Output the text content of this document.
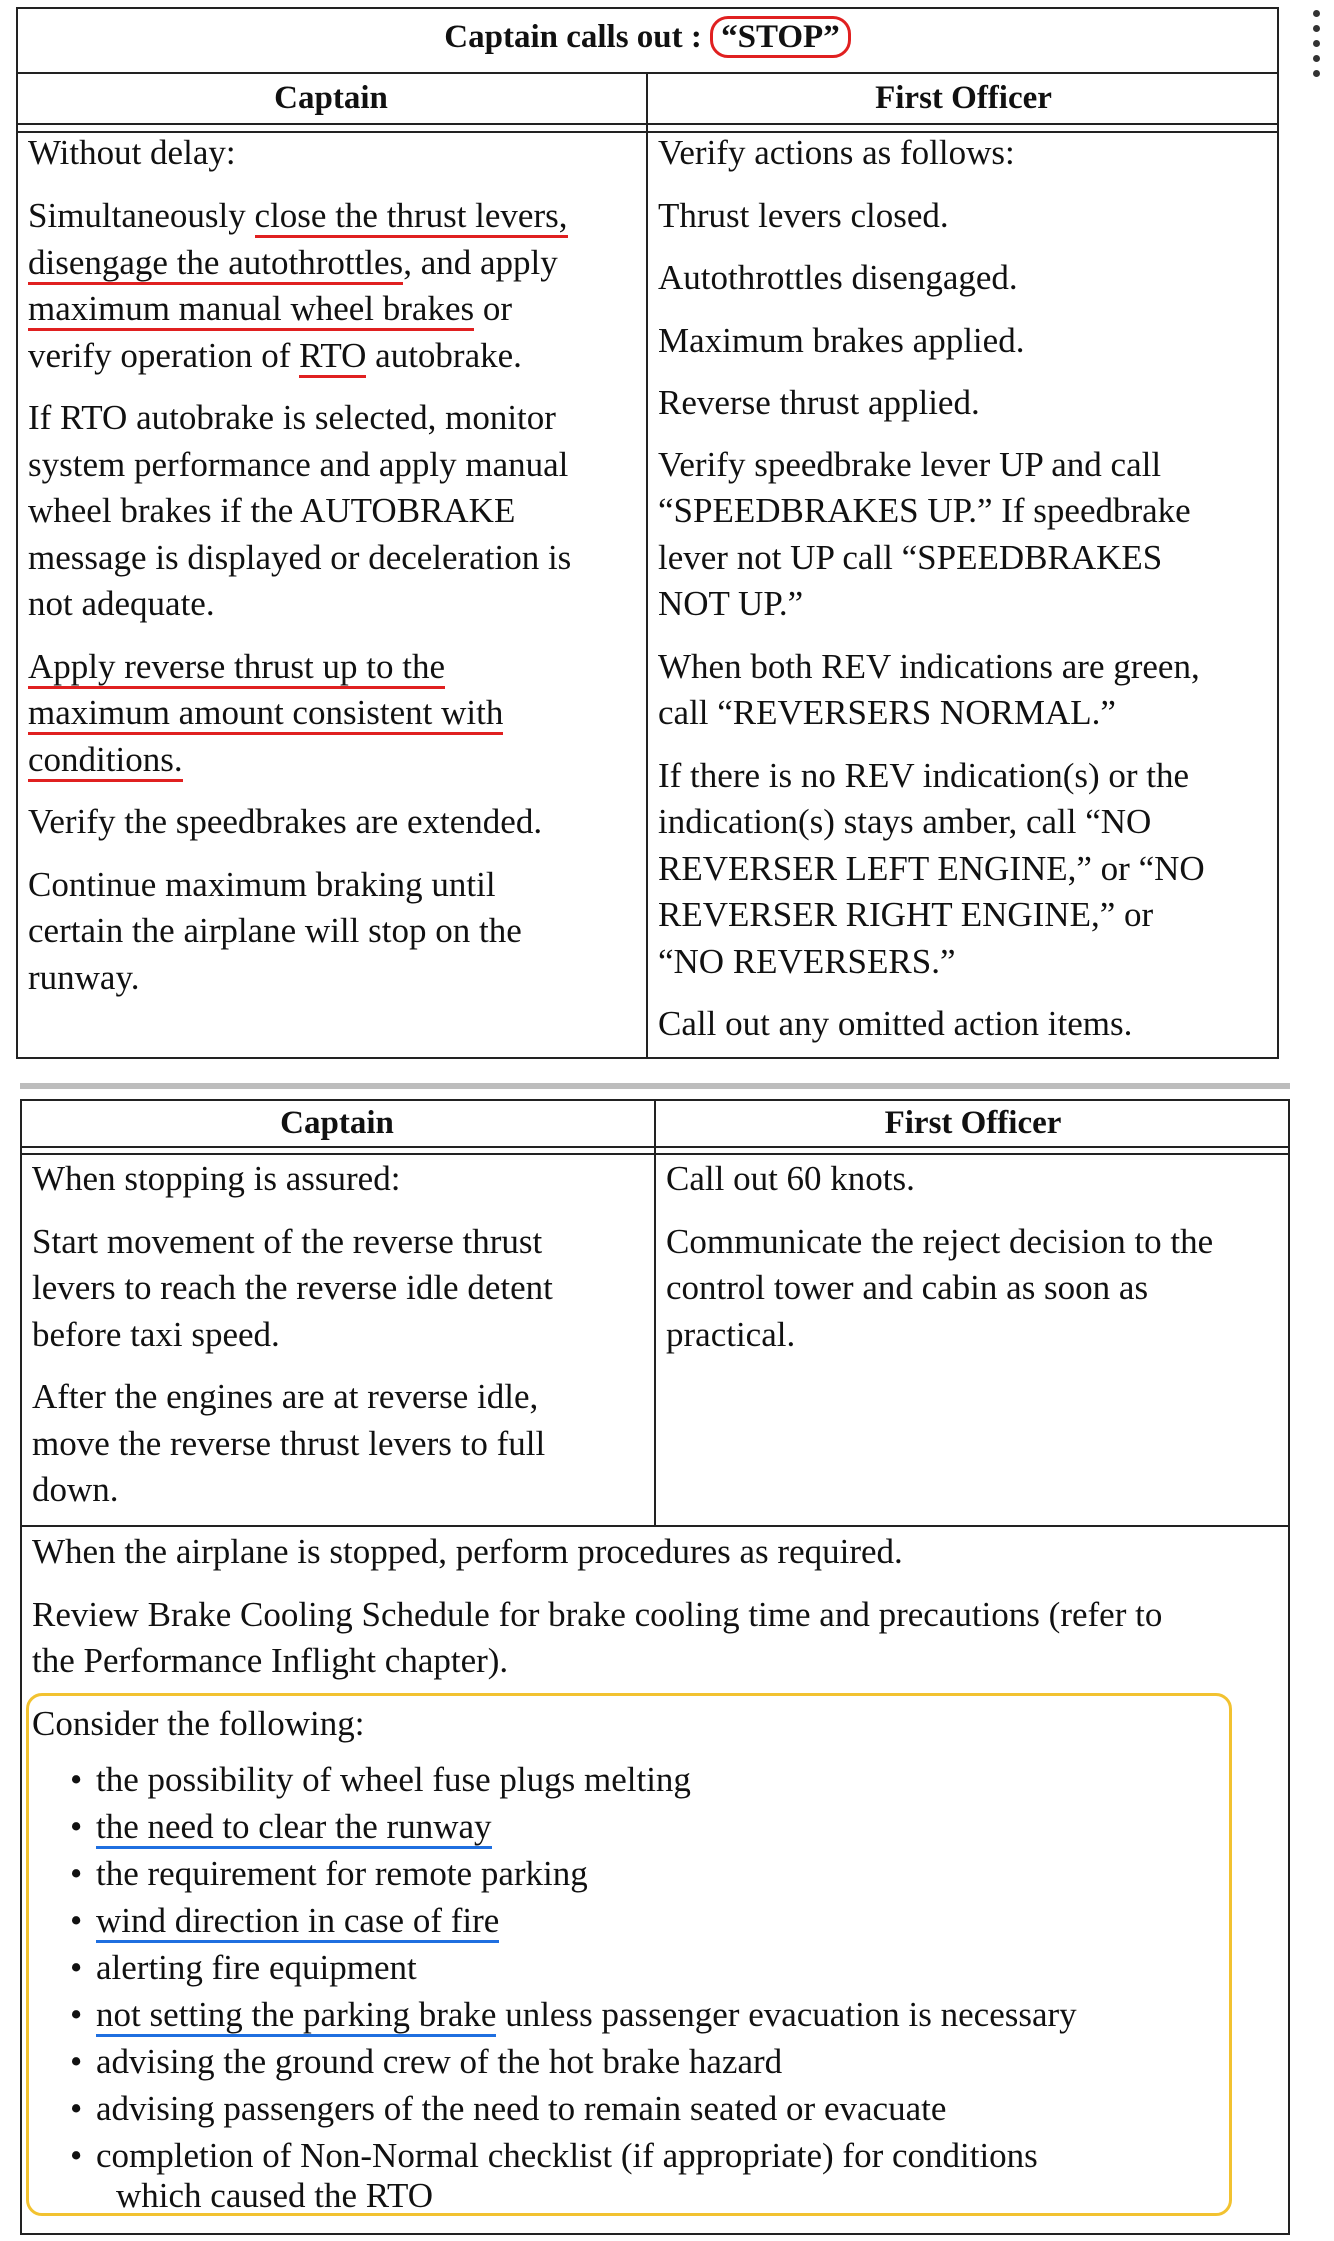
Captain calls out : “STOP”
Captain	First Officer
Without delay:
Simultaneously close the thrust levers,
disengage the autothrottles, and apply
maximum manual wheel brakes or
verify operation of RTO autobrake.
If RTO autobrake is selected, monitor
system performance and apply manual
wheel brakes if the AUTOBRAKE
message is displayed or deceleration is
not adequate.
Apply reverse thrust up to the
maximum amount consistent with
conditions.
Verify the speedbrakes are extended.
Continue maximum braking until
certain the airplane will stop on the
runway.
Verify actions as follows:
Thrust levers closed.
Autothrottles disengaged.
Maximum brakes applied.
Reverse thrust applied.
Verify speedbrake lever UP and call
“SPEEDBRAKES UP.” If speedbrake
lever not UP call “SPEEDBRAKES
NOT UP.”
When both REV indications are green,
call “REVERSERS NORMAL.”
If there is no REV indication(s) or the
indication(s) stays amber, call “NO
REVERSER LEFT ENGINE,” or “NO
REVERSER RIGHT ENGINE,” or
“NO REVERSERS.”
Call out any omitted action items.
Captain	First Officer
When stopping is assured:
Start movement of the reverse thrust
levers to reach the reverse idle detent
before taxi speed.
After the engines are at reverse idle,
move the reverse thrust levers to full
down.
Call out 60 knots.
Communicate the reject decision to the
control tower and cabin as soon as
practical.
When the airplane is stopped, perform procedures as required.
Review Brake Cooling Schedule for brake cooling time and precautions (refer to
the Performance Inflight chapter).
Consider the following:
• the possibility of wheel fuse plugs melting
• the need to clear the runway
• the requirement for remote parking
• wind direction in case of fire
• alerting fire equipment
• not setting the parking brake unless passenger evacuation is necessary
• advising the ground crew of the hot brake hazard
• advising passengers of the need to remain seated or evacuate
• completion of Non-Normal checklist (if appropriate) for conditions
which caused the RTO
